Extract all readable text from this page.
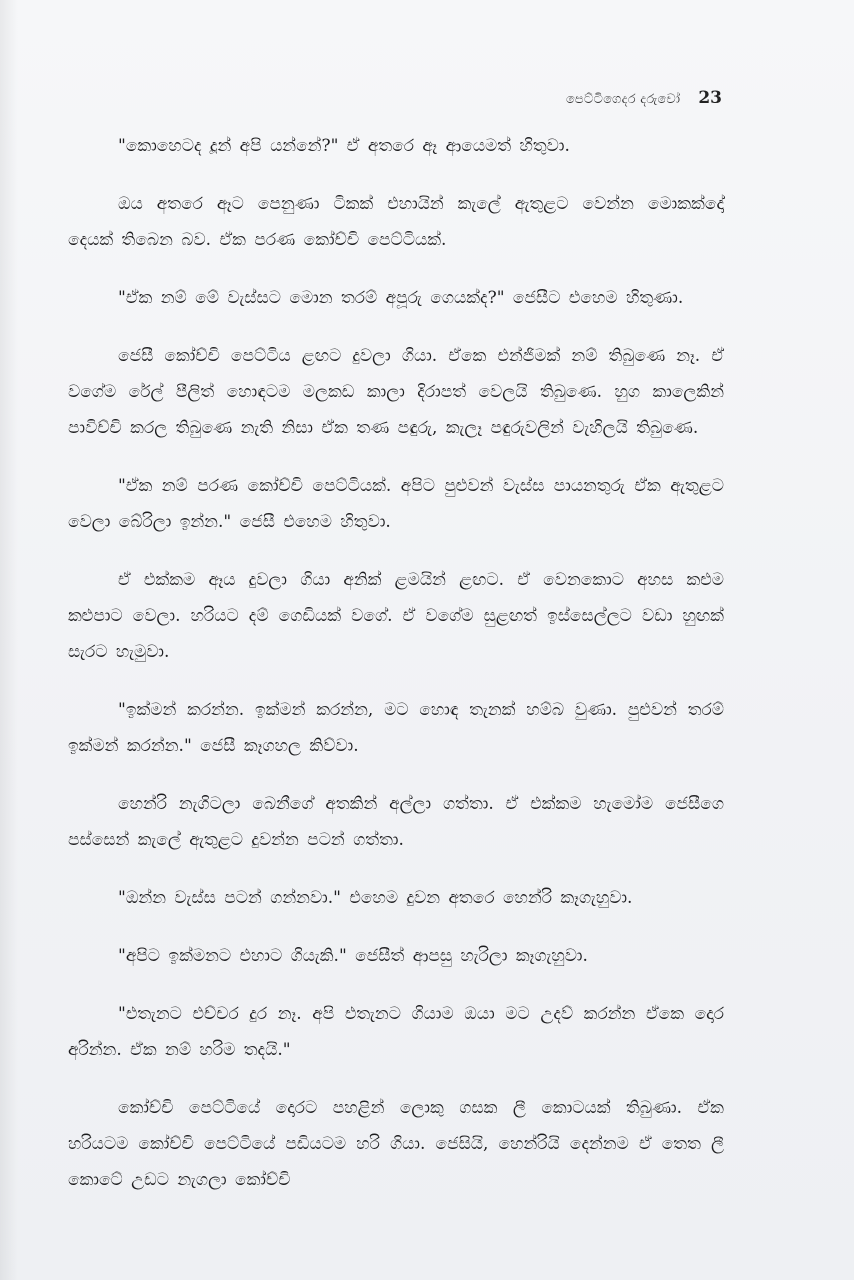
පෙට්ටිගෙදර දරුවෝ 23

"කොහෙටද දූන් අපි යන්නේ?" ඒ අතරෙ ඈ ආයෙමත් හිතුවා.

ඔය අතරෙ ඈට පෙනුණා ටිකක් එහායින් කැලේ ඇතුළට වෙන්න මොකක්දෝ දෙයක් තිබෙන බව. ඒක පරණ කෝච්චි පෙට්ටියක්.

"ඒක නම් මේ වැස්සට මොන තරම් අපූරු ගෙයක්ද?" ජෙසීට එහෙම හිතුණා.

ජෙසී කෝච්චි පෙට්ටිය ළඟට දුවලා ගියා. ඒකෙ එන්ජිමක් නම් තිබුණෙ නෑ. ඒ වගේම රේල් පීලිත් හොඳටම මලකඩ කාලා දිරාපත් වෙලයි තිබුණෙ. හුග කාලෙකින් පාවිච්චි කරල තිබුණෙ නැති නිසා ඒක තණ පඳුරු, කැලෑ පඳුරුවලින් වැහිලයි තිබුණෙ.

"ඒක නම් පරණ කෝච්චි පෙට්ටියක්. අපිට පුළුවන් වැස්ස පායනතුරු ඒක ඇතුළට වෙලා බේරිලා ඉන්න." ජෙසී එහෙම හිතුවා.

ඒ එක්කම ඈය දුවලා ගියා අනික් ළමයින් ළඟට. ඒ වෙනකොට අහස කළුම කළුපාට වෙලා. හරියට දම් ගෙඩියක් වගේ. ඒ වගේම සුළඟත් ඉස්සෙල්ලට වඩා හුඟක් සැරට හැමුවා.

"ඉක්මන් කරන්න. ඉක්මන් කරන්න, මට හොඳ තැනක් හම්බ වුණා. පුළුවන් තරම් ඉක්මන් කරන්න." ජෙසී කෑගහල කිව්වා.

හෙන්රි නැගිටලා බෙනීගේ අතකින් අල්ලා ගත්තා. ඒ එක්කම හැමෝම ජෙසීගෙ පස්සෙන් කැලේ ඇතුළට දුවන්න පටන් ගත්තා.

"ඔන්න වැස්ස පටන් ගන්නවා." එහෙම දුවන අතරෙ හෙන්රි කෑගැහුවා.

"අපිට ඉක්මනට එහාට ගියැකි." ජෙසීත් ආපසු හැරිලා කෑගැහුවා.

"එතැනට එච්චර දුර නෑ. අපි එතැනට ගියාම ඔයා මට උදව් කරන්න ඒකෙ දොර අරින්න. ඒක නම් හරිම තදයි."

කෝච්චි පෙට්ටියේ දොරට පහළින් ලොකු ගසක ලී කොටයක් තිබුණා. ඒක හරියටම කෝච්චි පෙට්ටියේ පඩියටම හරි ගියා. ජෙසියි, හෙන්රියි දෙන්නම ඒ තෙත ලී කොටේ උඩට නැගලා කෝච්චි
